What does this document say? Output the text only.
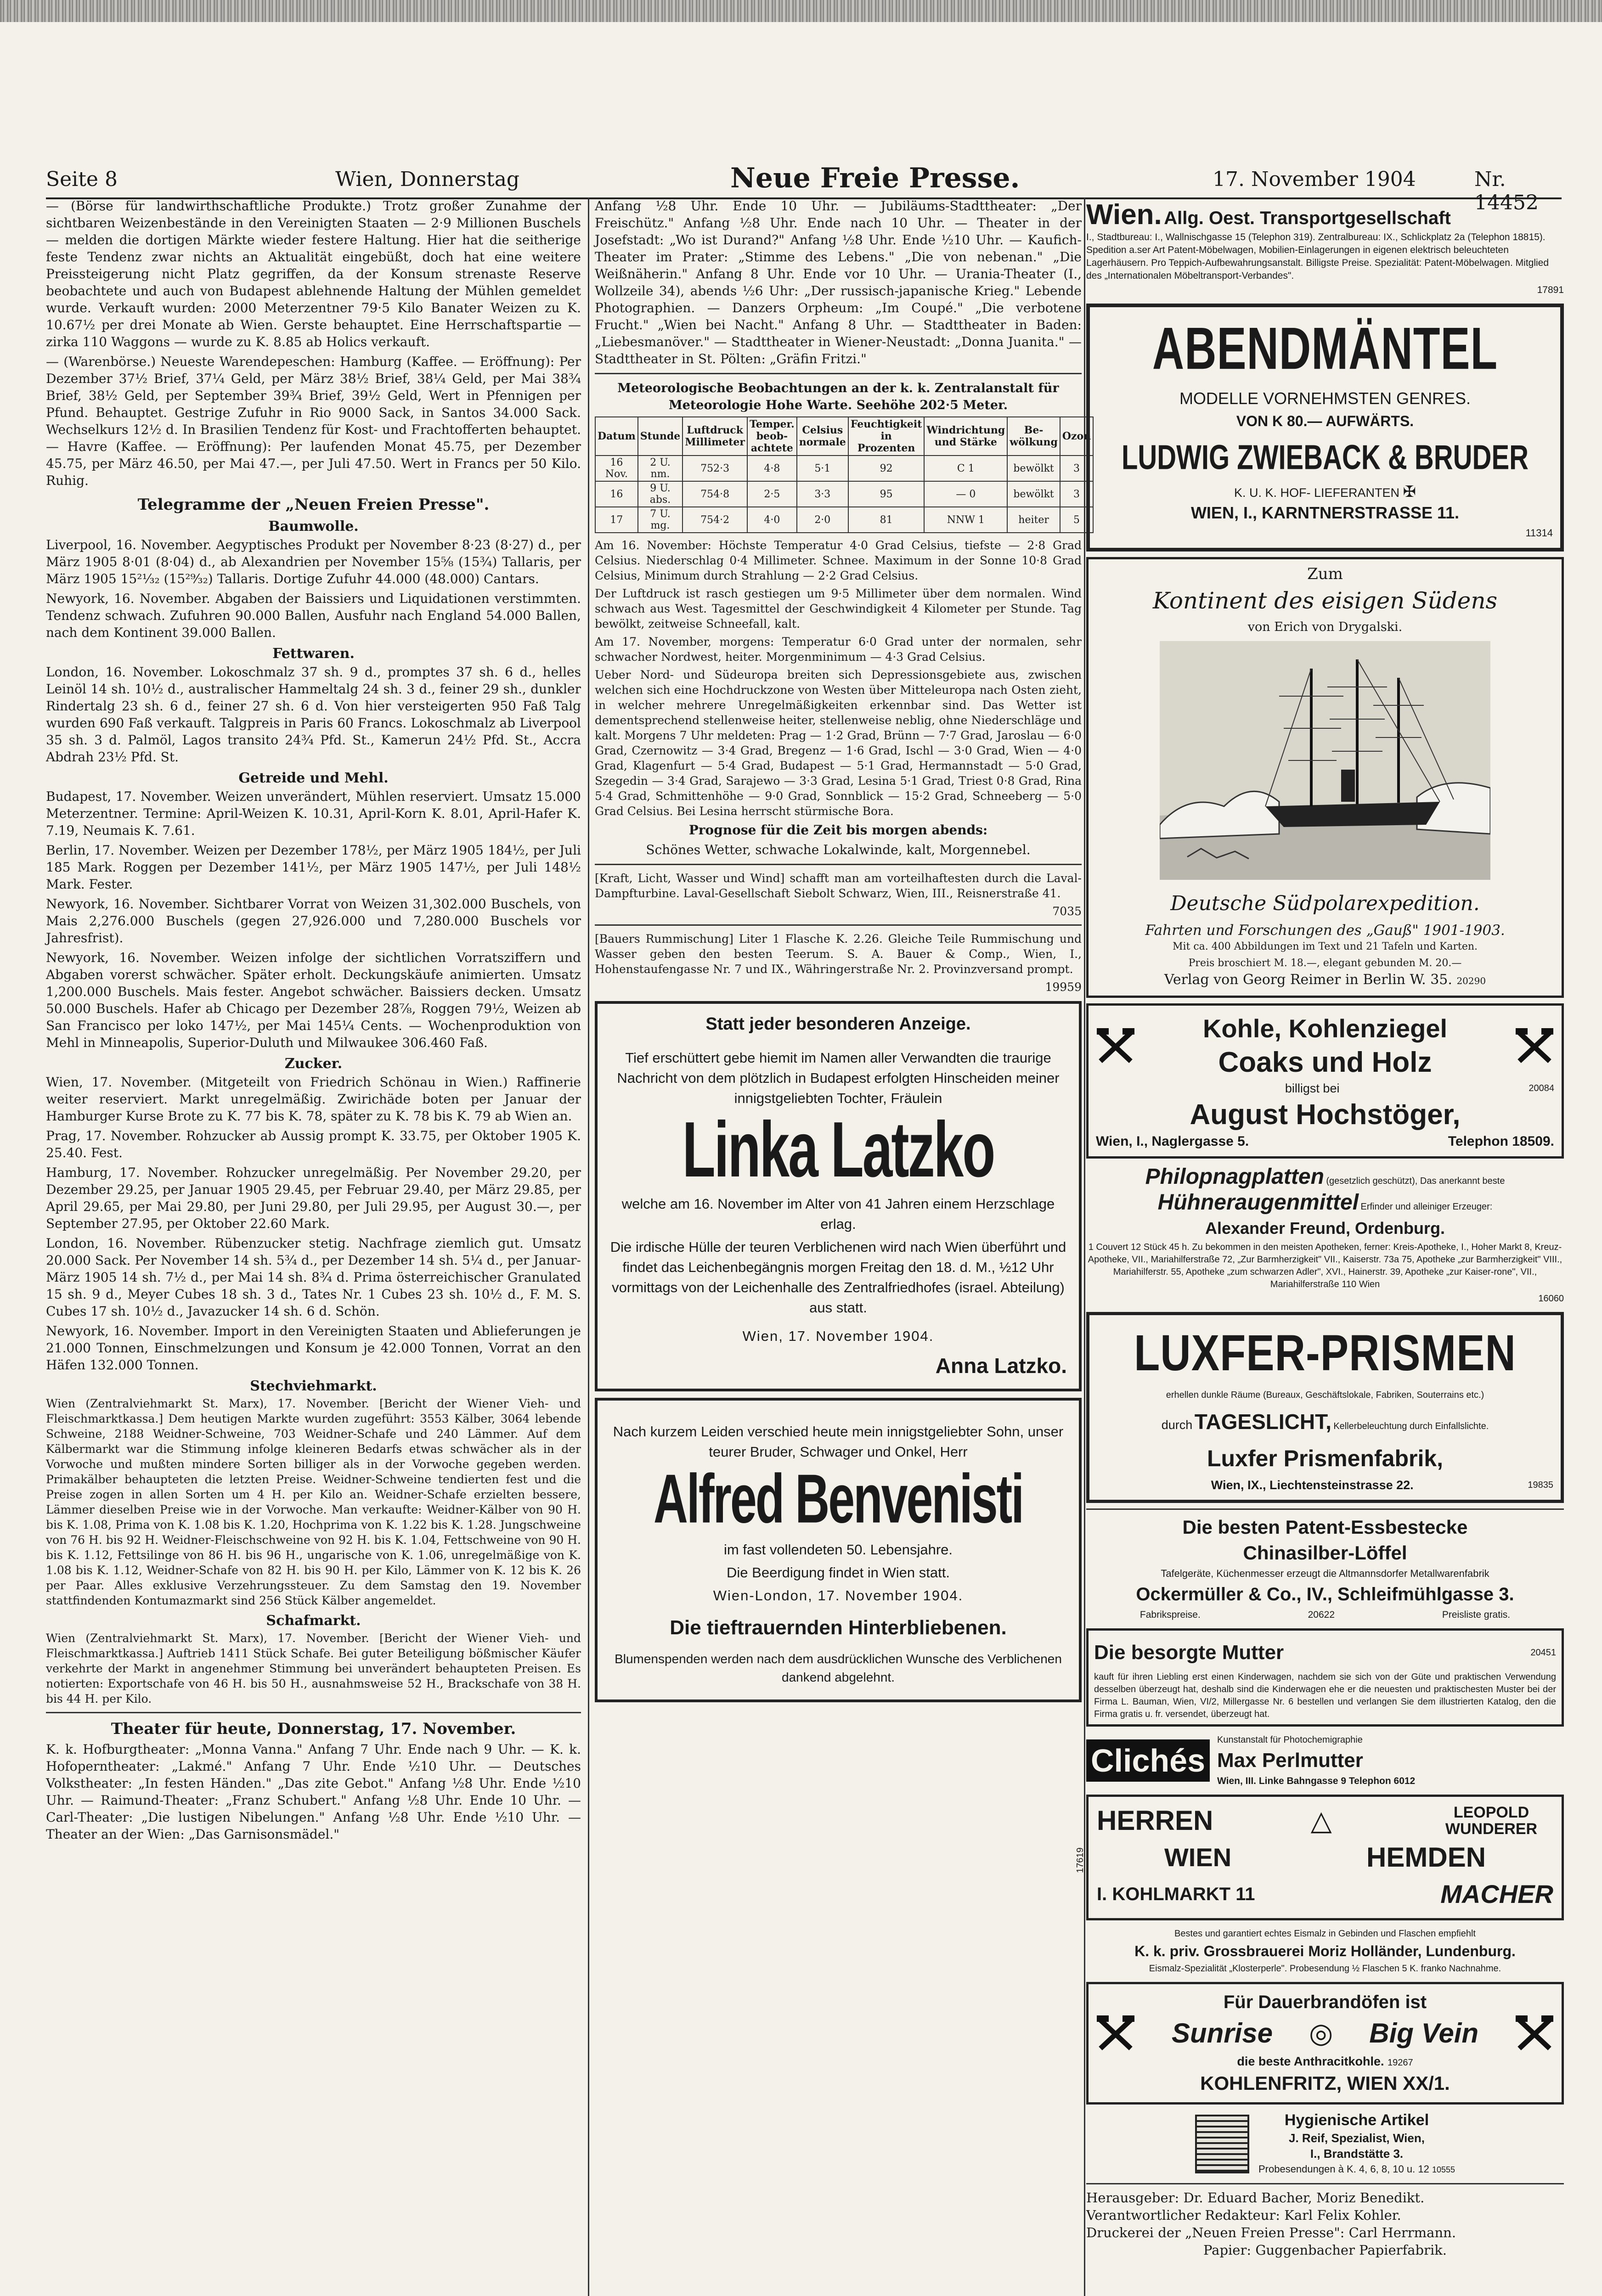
Seite 8	Wien, Donnerstag	Neue Freie Presse.	17. November 1904	Nr. 14452

— (Börse für landwirthschaftliche Produkte.) Trotz großer Zunahme der sichtbaren Weizenbestände in den Vereinigten Staaten — 2·9 Millionen Buschels — melden die dortigen Märkte wieder festere Haltung. Hier hat die seitherige feste Tendenz zwar nichts an Aktualität eingebüßt, doch hat eine weitere Preissteigerung nicht Platz gegriffen, da der Konsum strenaste Reserve beobachtete und auch von Budapest ablehnende Haltung der Mühlen gemeldet wurde. Verkauft wurden: 2000 Meterzentner 79·5 Kilo Banater Weizen zu K. 10.67½ per drei Monate ab Wien. Gerste behauptet. Eine Herrschaftspartie — zirka 110 Waggons — wurde zu K. 8.85 ab Holics verkauft.

— (Warenbörse.) Neueste Warendepeschen: Hamburg (Kaffee. — Eröffnung): Per Dezember 37½ Brief, 37¼ Geld, per März 38½ Brief, 38¼ Geld, per Mai 38¾ Brief, 38½ Geld, per September 39¾ Brief, 39½ Geld, Wert in Pfennigen per Pfund. Behauptet. Gestrige Zufuhr in Rio 9000 Sack, in Santos 34.000 Sack. Wechselkurs 12½ d. In Brasilien Tendenz für Kost- und Frachtofferten behauptet. — Havre (Kaffee. — Eröffnung): Per laufenden Monat 45.75, per Dezember 45.75, per März 46.50, per Mai 47.—, per Juli 47.50. Wert in Francs per 50 Kilo. Ruhig.

Telegramme der „Neuen Freien Presse".
Baumwolle.

Liverpool, 16. November. Aegyptisches Produkt per November 8·23 (8·27) d., per März 1905 8·01 (8·04) d., ab Alexandrien per November 15⅝ (15¾) Tallaris, per März 1905 15²¹⁄₃₂ (15²⁹⁄₃₂) Tallaris. Dortige Zufuhr 44.000 (48.000) Cantars.

Newyork, 16. November. Abgaben der Baissiers und Liquidationen verstimmten. Tendenz schwach. Zufuhren 90.000 Ballen, Ausfuhr nach England 54.000 Ballen, nach dem Kontinent 39.000 Ballen.

Fettwaren.

London, 16. November. Lokoschmalz 37 sh. 9 d., promptes 37 sh. 6 d., helles Leinöl 14 sh. 10½ d., australischer Hammeltalg 24 sh. 3 d., feiner 29 sh., dunkler Rindertalg 23 sh. 6 d., feiner 27 sh. 6 d. Von hier versteigerten 950 Faß Talg wurden 690 Faß verkauft. Talgpreis in Paris 60 Francs. Lokoschmalz ab Liverpool 35 sh. 3 d. Palmöl, Lagos transito 24¾ Pfd. St., Kamerun 24½ Pfd. St., Accra Abdrah 23½ Pfd. St.

Getreide und Mehl.

Budapest, 17. November. Weizen unverändert, Mühlen reserviert. Umsatz 15.000 Meterzentner. Termine: April-Weizen K. 10.31, April-Korn K. 8.01, April-Hafer K. 7.19, Neumais K. 7.61.

Berlin, 17. November. Weizen per Dezember 178½, per März 1905 184½, per Juli 185 Mark. Roggen per Dezember 141½, per März 1905 147½, per Juli 148½ Mark. Fester.

Newyork, 16. November. Sichtbarer Vorrat von Weizen 31,302.000 Buschels, von Mais 2,276.000 Buschels (gegen 27,926.000 und 7,280.000 Buschels vor Jahresfrist).

Newyork, 16. November. Weizen infolge der sichtlichen Vorratsziffern und Abgaben vorerst schwächer. Später erholt. Deckungskäufe animierten. Umsatz 1,200.000 Buschels. Mais fester. Angebot schwächer. Baissiers decken. Umsatz 50.000 Buschels. Hafer ab Chicago per Dezember 28⅞, Roggen 79½, Weizen ab San Francisco per loko 147½, per Mai 145¼ Cents. — Wochenproduktion von Mehl in Minneapolis, Superior-Duluth und Milwaukee 306.460 Faß.

Zucker.

Wien, 17. November. (Mitgeteilt von Friedrich Schönau in Wien.) Raffinerie weiter reserviert. Markt unregelmäßig. Zwirichäde boten per Januar der Hamburger Kurse Brote zu K. 77 bis K. 78, später zu K. 78 bis K. 79 ab Wien an.

Prag, 17. November. Rohzucker ab Aussig prompt K. 33.75, per Oktober 1905 K. 25.40. Fest.

Hamburg, 17. November. Rohzucker unregelmäßig. Per November 29.20, per Dezember 29.25, per Januar 1905 29.45, per Februar 29.40, per März 29.85, per April 29.65, per Mai 29.80, per Juni 29.80, per Juli 29.95, per August 30.—, per September 27.95, per Oktober 22.60 Mark.

London, 16. November. Rübenzucker stetig. Nachfrage ziemlich gut. Umsatz 20.000 Sack. Per November 14 sh. 5¾ d., per Dezember 14 sh. 5¼ d., per Januar-März 1905 14 sh. 7½ d., per Mai 14 sh. 8¾ d. Prima österreichischer Granulated 15 sh. 9 d., Meyer Cubes 18 sh. 3 d., Tates Nr. 1 Cubes 23 sh. 10½ d., F. M. S. Cubes 17 sh. 10½ d., Javazucker 14 sh. 6 d. Schön.

Newyork, 16. November. Import in den Vereinigten Staaten und Ablieferungen je 21.000 Tonnen, Einschmelzungen und Konsum je 42.000 Tonnen, Vorrat an den Häfen 132.000 Tonnen.

Stechviehmarkt.

Wien (Zentralviehmarkt St. Marx), 17. November. [Bericht der Wiener Vieh- und Fleischmarktkassa.] Dem heutigen Markte wurden zugeführt: 3553 Kälber, 3064 lebende Schweine, 2188 Weidner-Schweine, 703 Weidner-Schafe und 240 Lämmer. Auf dem Kälbermarkt war die Stimmung infolge kleineren Bedarfs etwas schwächer als in der Vorwoche und mußten mindere Sorten billiger als in der Vorwoche gegeben werden. Primakälber behaupteten die letzten Preise. Weidner-Schweine tendierten fest und die Preise zogen in allen Sorten um 4 H. per Kilo an. Weidner-Schafe erzielten bessere, Lämmer dieselben Preise wie in der Vorwoche. Man verkaufte: Weidner-Kälber von 90 H. bis K. 1.08, Prima von K. 1.08 bis K. 1.20, Hochprima von K. 1.22 bis K. 1.28. Jungschweine von 76 H. bis 92 H. Weidner-Fleischschweine von 92 H. bis K. 1.04, Fettschweine von 90 H. bis K. 1.12, Fettsilinge von 86 H. bis 96 H., ungarische von K. 1.06, unregelmäßige von K. 1.08 bis K. 1.12, Weidner-Schafe von 82 H. bis 90 H. per Kilo, Lämmer von K. 12 bis K. 26 per Paar. Alles exklusive Verzehrungssteuer. Zu dem Samstag den 19. November stattfindenden Kontumazmarkt sind 256 Stück Kälber angemeldet.

Schafmarkt.

Wien (Zentralviehmarkt St. Marx), 17. November. [Bericht der Wiener Vieh- und Fleischmarktkassa.] Auftrieb 1411 Stück Schafe. Bei guter Beteiligung bößmischer Käufer verkehrte der Markt in angenehmer Stimmung bei unverändert behaupteten Preisen. Es notierten: Exportschafe von 46 H. bis 50 H., ausnahmsweise 52 H., Brackschafe von 38 H. bis 44 H. per Kilo.

Theater für heute, Donnerstag, 17. November.

K. k. Hofburgtheater: „Monna Vanna." Anfang 7 Uhr. Ende nach 9 Uhr. — K. k. Hofoperntheater: „Lakmé." Anfang 7 Uhr. Ende ½10 Uhr. — Deutsches Volkstheater: „In festen Händen." „Das zite Gebot." Anfang ½8 Uhr. Ende ½10 Uhr. — Raimund-Theater: „Franz Schubert." Anfang ½8 Uhr. Ende 10 Uhr. — Carl-Theater: „Die lustigen Nibelungen." Anfang ½8 Uhr. Ende ½10 Uhr. — Theater an der Wien: „Das Garnisonsmädel."

Anfang ½8 Uhr. Ende 10 Uhr. — Jubiläums-Stadttheater: „Der Freischütz." Anfang ½8 Uhr. Ende nach 10 Uhr. — Theater in der Josefstadt: „Wo ist Durand?" Anfang ½8 Uhr. Ende ½10 Uhr. — Kaufich-Theater im Prater: „Stimme des Lebens." „Die von nebenan." „Die Weißnäherin." Anfang 8 Uhr. Ende vor 10 Uhr. — Urania-Theater (I., Wollzeile 34), abends ½6 Uhr: „Der russisch-japanische Krieg." Lebende Photographien. — Danzers Orpheum: „Im Coupé." „Die verbotene Frucht." „Wien bei Nacht." Anfang 8 Uhr. — Stadttheater in Baden: „Liebesmanöver." — Stadttheater in Wiener-Neustadt: „Donna Juanita." — Stadttheater in St. Pölten: „Gräfin Fritzi."

Meteorologische Beobachtungen an der k. k. Zentralanstalt für Meteorologie Hohe Warte. Seehöhe 202·5 Meter.

Datum	Stunde	Luftdruck Millimeter	Temper. beob-achtete	Celsius normale	Feuchtigkeit in Prozenten	Windrichtung und Stärke	Be-wölkung	Ozon
16 Nov.	2 U. nm.	752·3	4·8	5·1	92	C 1	bewölkt	3
16	9 U. abs.	754·8	2·5	3·3	95	— 0	bewölkt	3
17	7 U. mg.	754·2	4·0	2·0	81	NNW 1	heiter	5

Am 16. November: Höchste Temperatur 4·0 Grad Celsius, tiefste — 2·8 Grad Celsius. Niederschlag 0·4 Millimeter. Schnee. Maximum in der Sonne 10·8 Grad Celsius, Minimum durch Strahlung — 2·2 Grad Celsius.

Der Luftdruck ist rasch gestiegen um 9·5 Millimeter über dem normalen. Wind schwach aus West. Tagesmittel der Geschwindigkeit 4 Kilometer per Stunde. Tag bewölkt, zeitweise Schneefall, kalt.

Am 17. November, morgens: Temperatur 6·0 Grad unter der normalen, sehr schwacher Nordwest, heiter. Morgenminimum — 4·3 Grad Celsius.

Ueber Nord- und Südeuropa breiten sich Depressionsgebiete aus, zwischen welchen sich eine Hochdruckzone von Westen über Mitteleuropa nach Osten zieht, in welcher mehrere Unregelmäßigkeiten erkennbar sind. Das Wetter ist dementsprechend stellenweise heiter, stellenweise neblig, ohne Niederschläge und kalt. Morgens 7 Uhr meldeten: Prag — 1·2 Grad, Brünn — 7·7 Grad, Jaroslau — 6·0 Grad, Czernowitz — 3·4 Grad, Bregenz — 1·6 Grad, Ischl — 3·0 Grad, Wien — 4·0 Grad, Klagenfurt — 5·4 Grad, Budapest — 5·1 Grad, Hermannstadt — 5·0 Grad, Szegedin — 3·4 Grad, Sarajewo — 3·3 Grad, Lesina 5·1 Grad, Triest 0·8 Grad, Rina 5·4 Grad, Schmittenhöhe — 9·0 Grad, Sonnblick — 15·2 Grad, Schneeberg — 5·0 Grad Celsius. Bei Lesina herrscht stürmische Bora.

Prognose für die Zeit bis morgen abends:

Schönes Wetter, schwache Lokalwinde, kalt, Morgennebel.

[Kraft, Licht, Wasser und Wind] schafft man am vorteilhaftesten durch die Laval-Dampfturbine. Laval-Gesellschaft Siebolt Schwarz, Wien, III., Reisnerstraße 41.

7035

[Bauers Rummischung] Liter 1 Flasche K. 2.26. Gleiche Teile Rummischung und Wasser geben den besten Teerum. S. A. Bauer & Comp., Wien, I., Hohenstaufengasse Nr. 7 und IX., Währingerstraße Nr. 2. Provinzversand prompt.

19959

Statt jeder besonderen Anzeige.

Tief erschüttert gebe hiemit im Namen aller Verwandten die traurige Nachricht von dem plötzlich in Budapest erfolgten Hinscheiden meiner innigstgeliebten Tochter, Fräulein

Linka Latzko

welche am 16. November im Alter von 41 Jahren einem Herzschlage erlag.

Die irdische Hülle der teuren Verblichenen wird nach Wien überführt und findet das Leichenbegängnis morgen Freitag den 18. d. M., ½12 Uhr vormittags von der Leichenhalle des Zentralfriedhofes (israel. Abteilung) aus statt.

Wien, 17. November 1904.

Anna Latzko.

Nach kurzem Leiden verschied heute mein innigstgeliebter Sohn, unser teurer Bruder, Schwager und Onkel, Herr

Alfred Benvenisti

im fast vollendeten 50. Lebensjahre.

Die Beerdigung findet in Wien statt.

Wien-London, 17. November 1904.

Die tieftrauernden Hinterbliebenen.

Blumenspenden werden nach dem ausdrücklichen Wunsche des Verblichenen dankend abgelehnt.

Wien. Allg. Oest. Transportgesellschaft
I., Stadtbureau: I., Wallnischgasse 15 (Telephon 319). Zentralbureau: IX., Schlickplatz 2a (Telephon 18815). Spedition a.ser Art Patent-Möbelwagen, Mobilien-Einlagerungen in eigenen elektrisch beleuchteten Lagerhäusern. Pro Teppich-Aufbewahrungsanstalt. Billigste Preise. Spezialität: Patent-Möbelwagen. Mitglied des „Internationalen Möbeltransport-Verbandes".
17891
ABENDMÄNTEL
MODELLE VORNEHMSTEN GENRES.
VON K 80.— AUFWÄRTS.
LUDWIG ZWIEBACK & BRUDER
K. U. K. HOF- LIEFERANTEN ✠
WIEN, I., KARNTNERSTRASSE 11.
11314
Zum
Kontinent des eisigen Südens
von Erich von Drygalski.
Deutsche Südpolarexpedition.
Fahrten und Forschungen des „Gauß" 1901-1903.
Mit ca. 400 Abbildungen im Text und 21 Tafeln und Karten.
Preis broschiert M. 18.—, elegant gebunden M. 20.—
Verlag von Georg Reimer in Berlin W. 35. 20290
Kohle, Kohlenziegel
Coaks und Holz
billigst bei	20084
August Hochstöger,
Wien, I., Naglergasse 5.	Telephon 18509.
Philopnagplatten (gesetzlich geschützt), Das anerkannt beste
Hühneraugenmittel Erfinder und alleiniger Erzeuger:
Alexander Freund, Ordenburg.
1 Couvert 12 Stück 45 h. Zu bekommen in den meisten Apotheken, ferner: Kreis-Apotheke, I., Hoher Markt 8, Kreuz-Apotheke, VII., Mariahilferstraße 72, „Zur Barmherzigkeit" VII., Kaiserstr. 73a 75, Apotheke „zur Barmherzigkeit" VIII., Mariahilferstr. 55, Apotheke „zum schwarzen Adler", XVI., Hainerstr. 39, Apotheke „zur Kaiser-rone", VII., Mariahilferstraße 110 Wien
16060
LUXFER-PRISMEN
erhellen dunkle Räume (Bureaux, Geschäftslokale, Fabriken, Souterrains etc.)
durch TAGESLICHT, Kellerbeleuchtung durch Einfallslichte.
Luxfer Prismenfabrik,
Wien, IX., Liechtensteinstrasse 22.	19835
Die besten Patent-Essbestecke
Chinasilber-Löffel
Tafelgeräte, Küchenmesser erzeugt die Altmannsdorfer Metallwarenfabrik
Ockermüller & Co., IV., Schleifmühlgasse 3.
Fabrikspreise.	20622	Preisliste gratis.
Die besorgte Mutter	20451
kauft für ihren Liebling erst einen Kinderwagen, nachdem sie sich von der Güte und praktischen Verwendung desselben überzeugt hat, deshalb sind die Kinderwagen ehe er die neuesten und praktischesten Muster bei der Firma L. Bauman, Wien, VI/2, Millergasse Nr. 6 bestellen und verlangen Sie dem illustrierten Katalog, den die Firma gratis u. fr. versendet, überzeugt hat.
Clichés
Kunstanstalt für Photochemigraphie
Max Perlmutter
Wien, III. Linke Bahngasse 9 Telephon 6012
17619
HERREN	△	LEOPOLD WUNDERER
WIEN	HEMDEN
I. KOHLMARKT 11	MACHER
Bestes und garantiert echtes Eismalz in Gebinden und Flaschen empfiehlt
K. k. priv. Grossbrauerei Moriz Holländer, Lundenburg.
Eismalz-Spezialität „Klosterperle". Probesendung ½ Flaschen 5 K. franko Nachnahme.
Für Dauerbrandöfen ist
Sunrise ◎ Big Vein
die beste Anthracitkohle. 19267
KOHLENFRITZ, WIEN XX/1.
Hygienische Artikel
J. Reif, Spezialist, Wien,
I., Brandstätte 3.
Probesendungen à K. 4, 6, 8, 10 u. 12 10555
Herausgeber: Dr. Eduard Bacher, Moriz Benedikt.
Verantwortlicher Redakteur: Karl Felix Kohler.
Druckerei der „Neuen Freien Presse": Carl Herrmann.
Papier: Guggenbacher Papierfabrik.
